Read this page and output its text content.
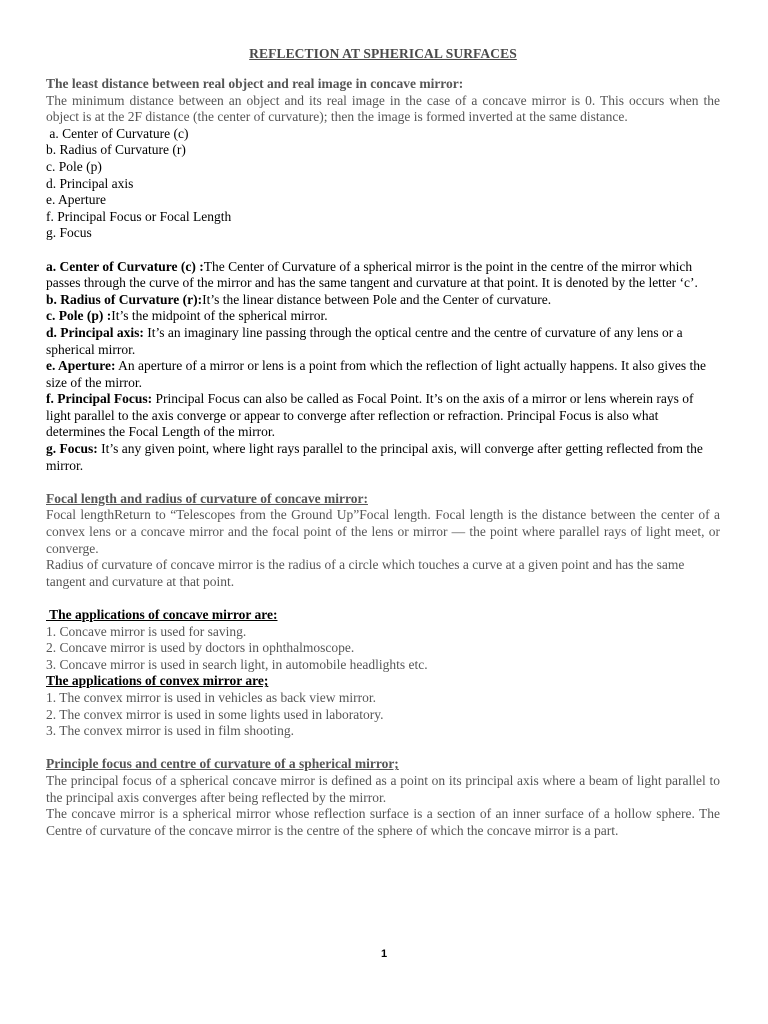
REFLECTION AT SPHERICAL SURFACES
The least distance between real object and real image in concave mirror:

The minimum distance between an object and its real image in the case of a concave mirror is 0. This occurs when the object is at the 2F distance (the center of curvature); then the image is formed inverted at the same distance.

a. Center of Curvature (c)
b. Radius of Curvature (r)
c. Pole (p)
d. Principal axis
e. Aperture
f. Principal Focus or Focal Length
g. Focus

a. Center of Curvature (c) :The Center of Curvature of a spherical mirror is the point in the centre of the mirror which passes through the curve of the mirror and has the same tangent and curvature at that point. It is denoted by the letter ‘c’.

b. Radius of Curvature (r):It’s the linear distance between Pole and the Center of curvature.

c. Pole (p) :It’s the midpoint of the spherical mirror.

d. Principal axis: It’s an imaginary line passing through the optical centre and the centre of curvature of any lens or a spherical mirror.

e. Aperture: An aperture of a mirror or lens is a point from which the reflection of light actually happens. It also gives the size of the mirror.

f. Principal Focus: Principal Focus can also be called as Focal Point. It’s on the axis of a mirror or lens wherein rays of light parallel to the axis converge or appear to converge after reflection or refraction. Principal Focus is also what determines the Focal Length of the mirror.

g. Focus: It’s any given point, where light rays parallel to the principal axis, will converge after getting reflected from the mirror.

Focal length and radius of curvature of concave mirror:

Focal lengthReturn to “Telescopes from the Ground Up”Focal length. Focal length is the distance between the center of a convex lens or a concave mirror and the focal point of the lens or mirror — the point where parallel rays of light meet, or converge.

Radius of curvature of concave mirror is the radius of a circle which touches a curve at a given point and has the same tangent and curvature at that point.

The applications of concave mirror are:
1. Concave mirror is used for saving.
2. Concave mirror is used by doctors in ophthalmoscope.
3. Concave mirror is used in search light, in automobile headlights etc.
The applications of convex mirror are;
1. The convex mirror is used in vehicles as back view mirror.
2. The convex mirror is used in some lights used in laboratory.
3. The convex mirror is used in film shooting.
Principle focus and centre of curvature of a spherical mirror;

The principal focus of a spherical concave mirror is defined as a point on its principal axis where a beam of light parallel to the principal axis converges after being reflected by the mirror.

The concave mirror is a spherical mirror whose reflection surface is a section of an inner surface of a hollow sphere. The Centre of curvature of the concave mirror is the centre of the sphere of which the concave mirror is a part.

1
